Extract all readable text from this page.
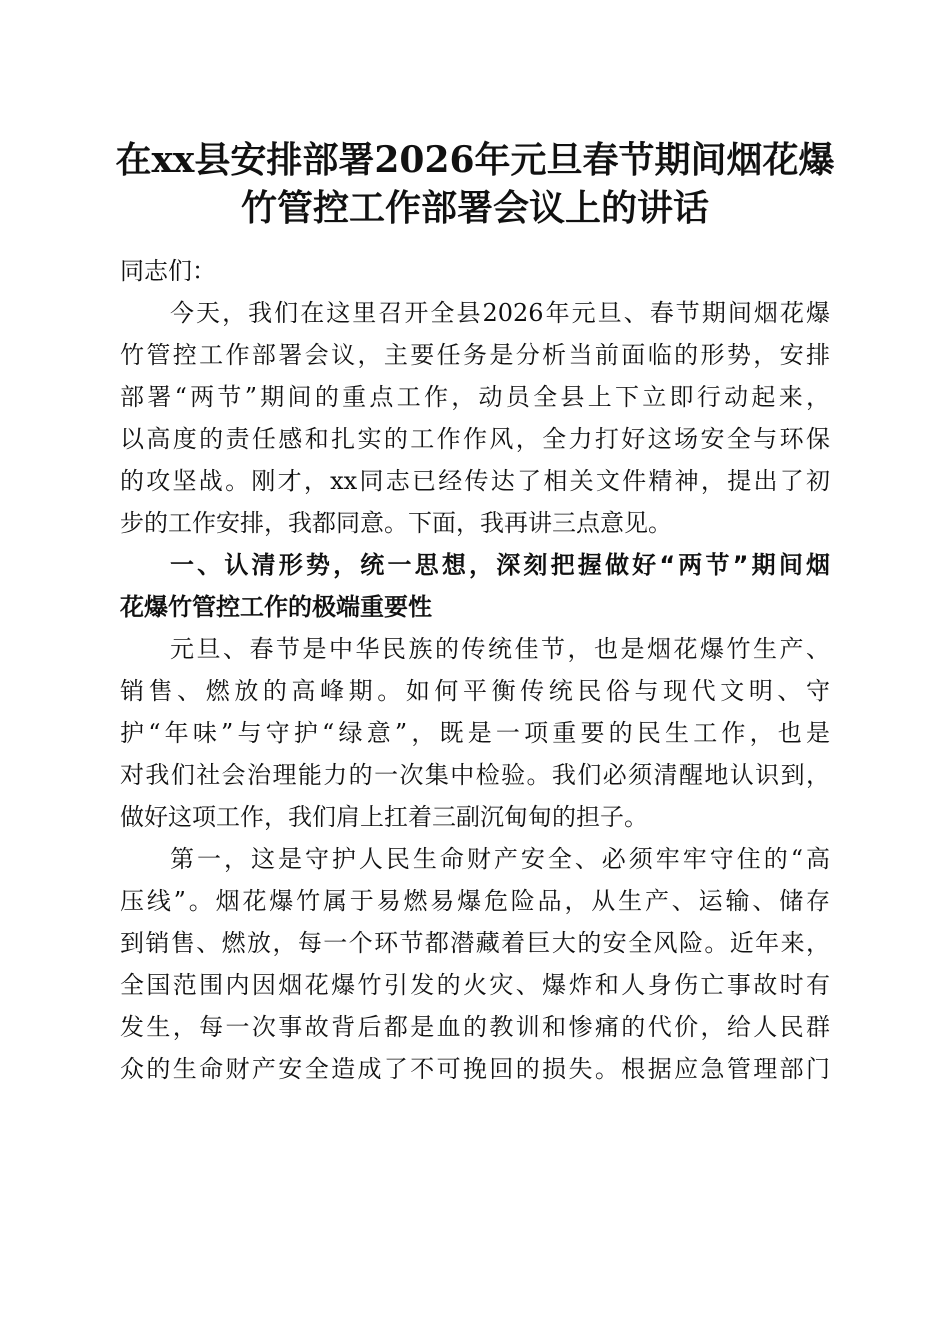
在xx县安排部署2026年元旦春节期间烟花爆
竹管控工作部署会议上的讲话
同志们：
今天，我们在这里召开全县2026年元旦、春节期间烟花爆
竹管控工作部署会议，主要任务是分析当前面临的形势，安排
部署“两节”期间的重点工作，动员全县上下立即行动起来，
以高度的责任感和扎实的工作作风，全力打好这场安全与环保
的攻坚战。刚才，xx同志已经传达了相关文件精神，提出了初
步的工作安排，我都同意。下面，我再讲三点意见。
一、认清形势，统一思想，深刻把握做好“两节”期间烟
花爆竹管控工作的极端重要性
元旦、春节是中华民族的传统佳节，也是烟花爆竹生产、
销售、燃放的高峰期。如何平衡传统民俗与现代文明、守
护“年味”与守护“绿意”，既是一项重要的民生工作，也是
对我们社会治理能力的一次集中检验。我们必须清醒地认识到，
做好这项工作，我们肩上扛着三副沉甸甸的担子。
第一，这是守护人民生命财产安全、必须牢牢守住的“高
压线”。烟花爆竹属于易燃易爆危险品，从生产、运输、储存
到销售、燃放，每一个环节都潜藏着巨大的安全风险。近年来，
全国范围内因烟花爆竹引发的火灾、爆炸和人身伤亡事故时有
发生，每一次事故背后都是血的教训和惨痛的代价，给人民群
众的生命财产安全造成了不可挽回的损失。根据应急管理部门
